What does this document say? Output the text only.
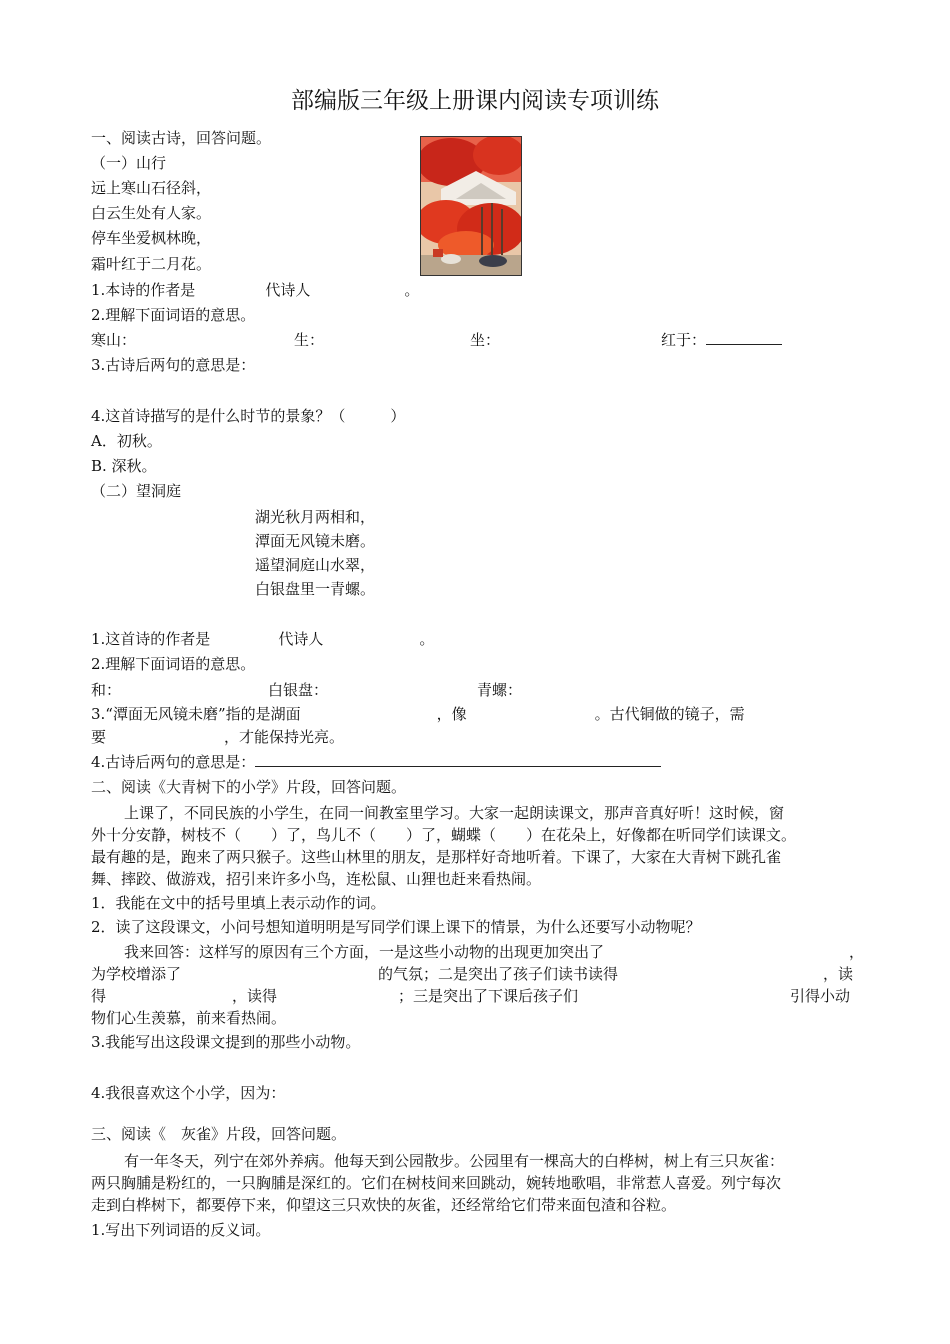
部编版三年级上册课内阅读专项训练
一、阅读古诗，回答问题。
（一）山行
远上寒山石径斜，
白云生处有人家。
停车坐爱枫林晚，
霜叶红于二月花。
1.本诗的作者是	代诗人	。
2.理解下面词语的意思。
寒山：	生：	坐：	红于：
3.古诗后两句的意思是：
4.这首诗描写的是什么时节的景象？（　　　）
A．初秋。
B. 深秋。
（二）望洞庭
湖光秋月两相和，
潭面无风镜未磨。
遥望洞庭山水翠，
白银盘里一青螺。
1.这首诗的作者是	代诗人	。
2.理解下面词语的意思。
和：	白银盘：	青螺：
3.“潭面无风镜未磨”指的是湖面	，像	。古代铜做的镜子，需
要	，才能保持光亮。
4.古诗后两句的意思是：
二、阅读《大青树下的小学》片段，回答问题。
上课了，不同民族的小学生，在同一间教室里学习。大家一起朗读课文，那声音真好听！这时候，窗
外十分安静，树枝不（　　）了，鸟儿不（　　）了，蝴蝶（　　）在花朵上，好像都在听同学们读课文。
最有趣的是，跑来了两只猴子。这些山林里的朋友，是那样好奇地听着。下课了，大家在大青树下跳孔雀
舞、摔跤、做游戏，招引来许多小鸟，连松鼠、山狸也赶来看热闹。
1．我能在文中的括号里填上表示动作的词。
2．读了这段课文，小问号想知道明明是写同学们课上课下的情景，为什么还要写小动物呢？
我来回答：这样写的原因有三个方面，一是这些小动物的出现更加突出了	，
为学校增添了	的气氛；二是突出了孩子们读书读得	，读
得	，读得	；三是突出了下课后孩子们	引得小动
物们心生羡慕，前来看热闹。
3.我能写出这段课文提到的那些小动物。
4.我很喜欢这个小学，因为：
三、阅读《　灰雀》片段，回答问题。
有一年冬天，列宁在郊外养病。他每天到公园散步。公园里有一棵高大的白桦树，树上有三只灰雀：
两只胸脯是粉红的，一只胸脯是深红的。它们在树枝间来回跳动，婉转地歌唱，非常惹人喜爱。列宁每次
走到白桦树下，都要停下来，仰望这三只欢快的灰雀，还经常给它们带来面包渣和谷粒。
1.写出下列词语的反义词。
